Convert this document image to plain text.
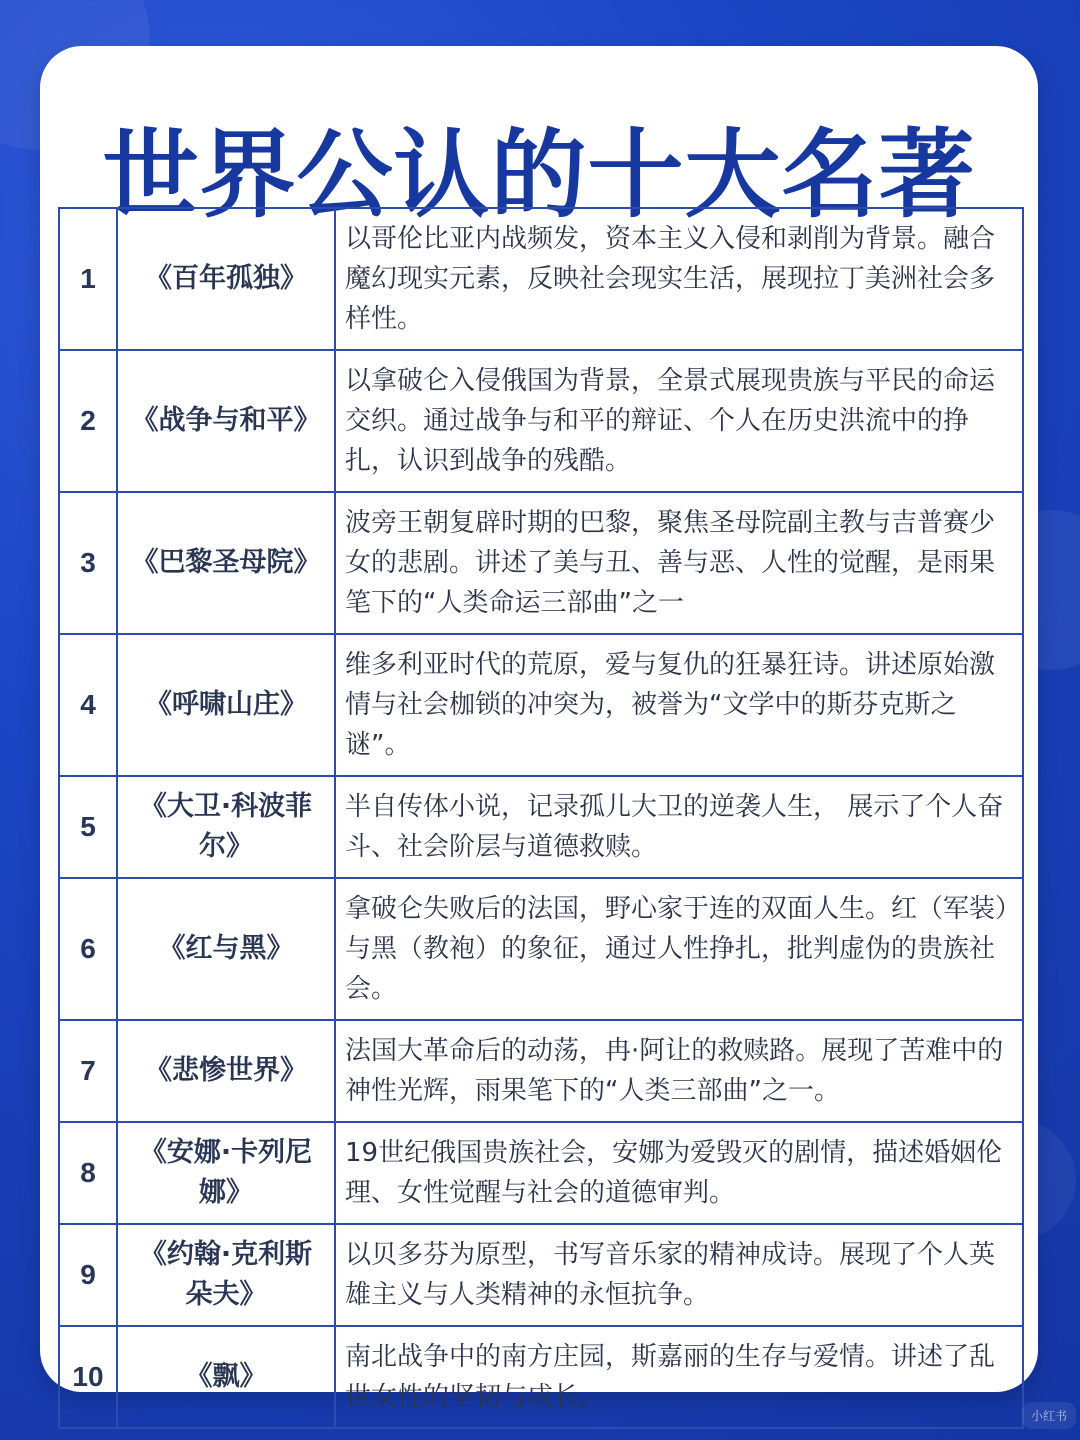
世界公认的十大名著
1	《百年孤独》	以哥伦比亚内战频发，资本主义入侵和剥削为背景。融合魔幻现实元素，反映社会现实生活，展现拉丁美洲社会多样性。
2	《战争与和平》	以拿破仑入侵俄国为背景，全景式展现贵族与平民的命运交织。通过战争与和平的辩证、个人在历史洪流中的挣扎，认识到战争的残酷。
3	《巴黎圣母院》	波旁王朝复辟时期的巴黎，聚焦圣母院副主教与吉普赛少女的悲剧。讲述了美与丑、善与恶、人性的觉醒，是雨果笔下的“人类命运三部曲”之一
4	《呼啸山庄》	维多利亚时代的荒原，爱与复仇的狂暴狂诗。讲述原始激情与社会枷锁的冲突为，被誉为“文学中的斯芬克斯之谜”。
5	《大卫·科波菲尔》	半自传体小说，记录孤儿大卫的逆袭人生， 展示了个人奋斗、社会阶层与道德救赎。
6	《红与黑》	拿破仑失败后的法国，野心家于连的双面人生。红（军装）与黑（教袍）的象征，通过人性挣扎，批判虚伪的贵族社会。
7	《悲惨世界》	法国大革命后的动荡，冉·阿让的救赎路。展现了苦难中的神性光辉，雨果笔下的“人类三部曲”之一。
8	《安娜·卡列尼娜》	19世纪俄国贵族社会，安娜为爱毁灭的剧情，描述婚姻伦理、女性觉醒与社会的道德审判。
9	《约翰·克利斯朵夫》	以贝多芬为原型，书写音乐家的精神成诗。展现了个人英雄主义与人类精神的永恒抗争。
10	《飘》	南北战争中的南方庄园，斯嘉丽的生存与爱情。讲述了乱世女性的坚韧与成长。
小红书
